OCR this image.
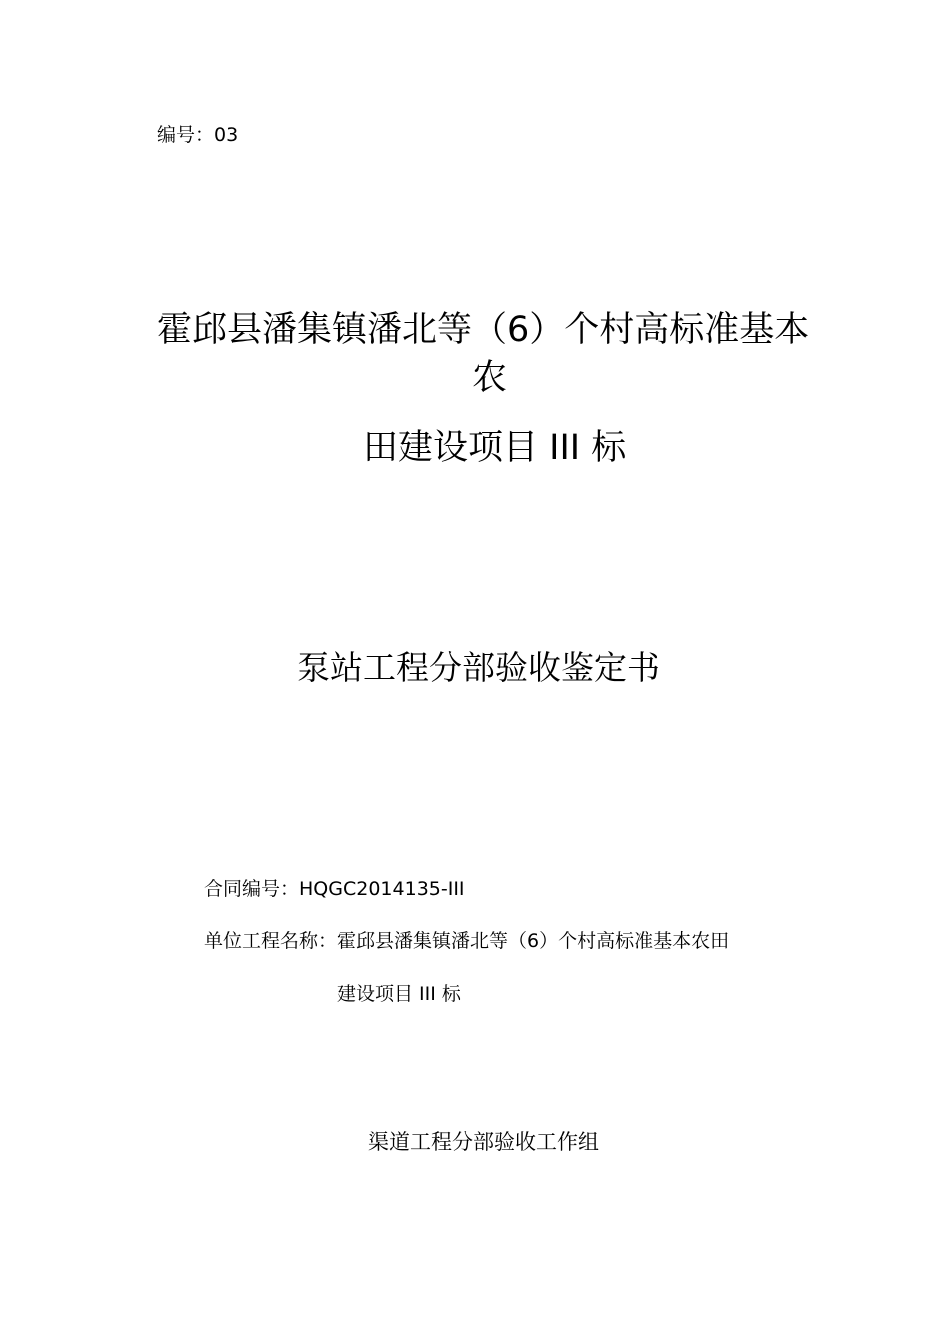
编号：03
霍邱县潘集镇潘北等（6）个村高标准基本
农
田建设项目 III 标
泵站工程分部验收鉴定书
合同编号：HQGC2014135-III
单位工程名称：霍邱县潘集镇潘北等（6）个村高标准基本农田
建设项目 III 标
渠道工程分部验收工作组
